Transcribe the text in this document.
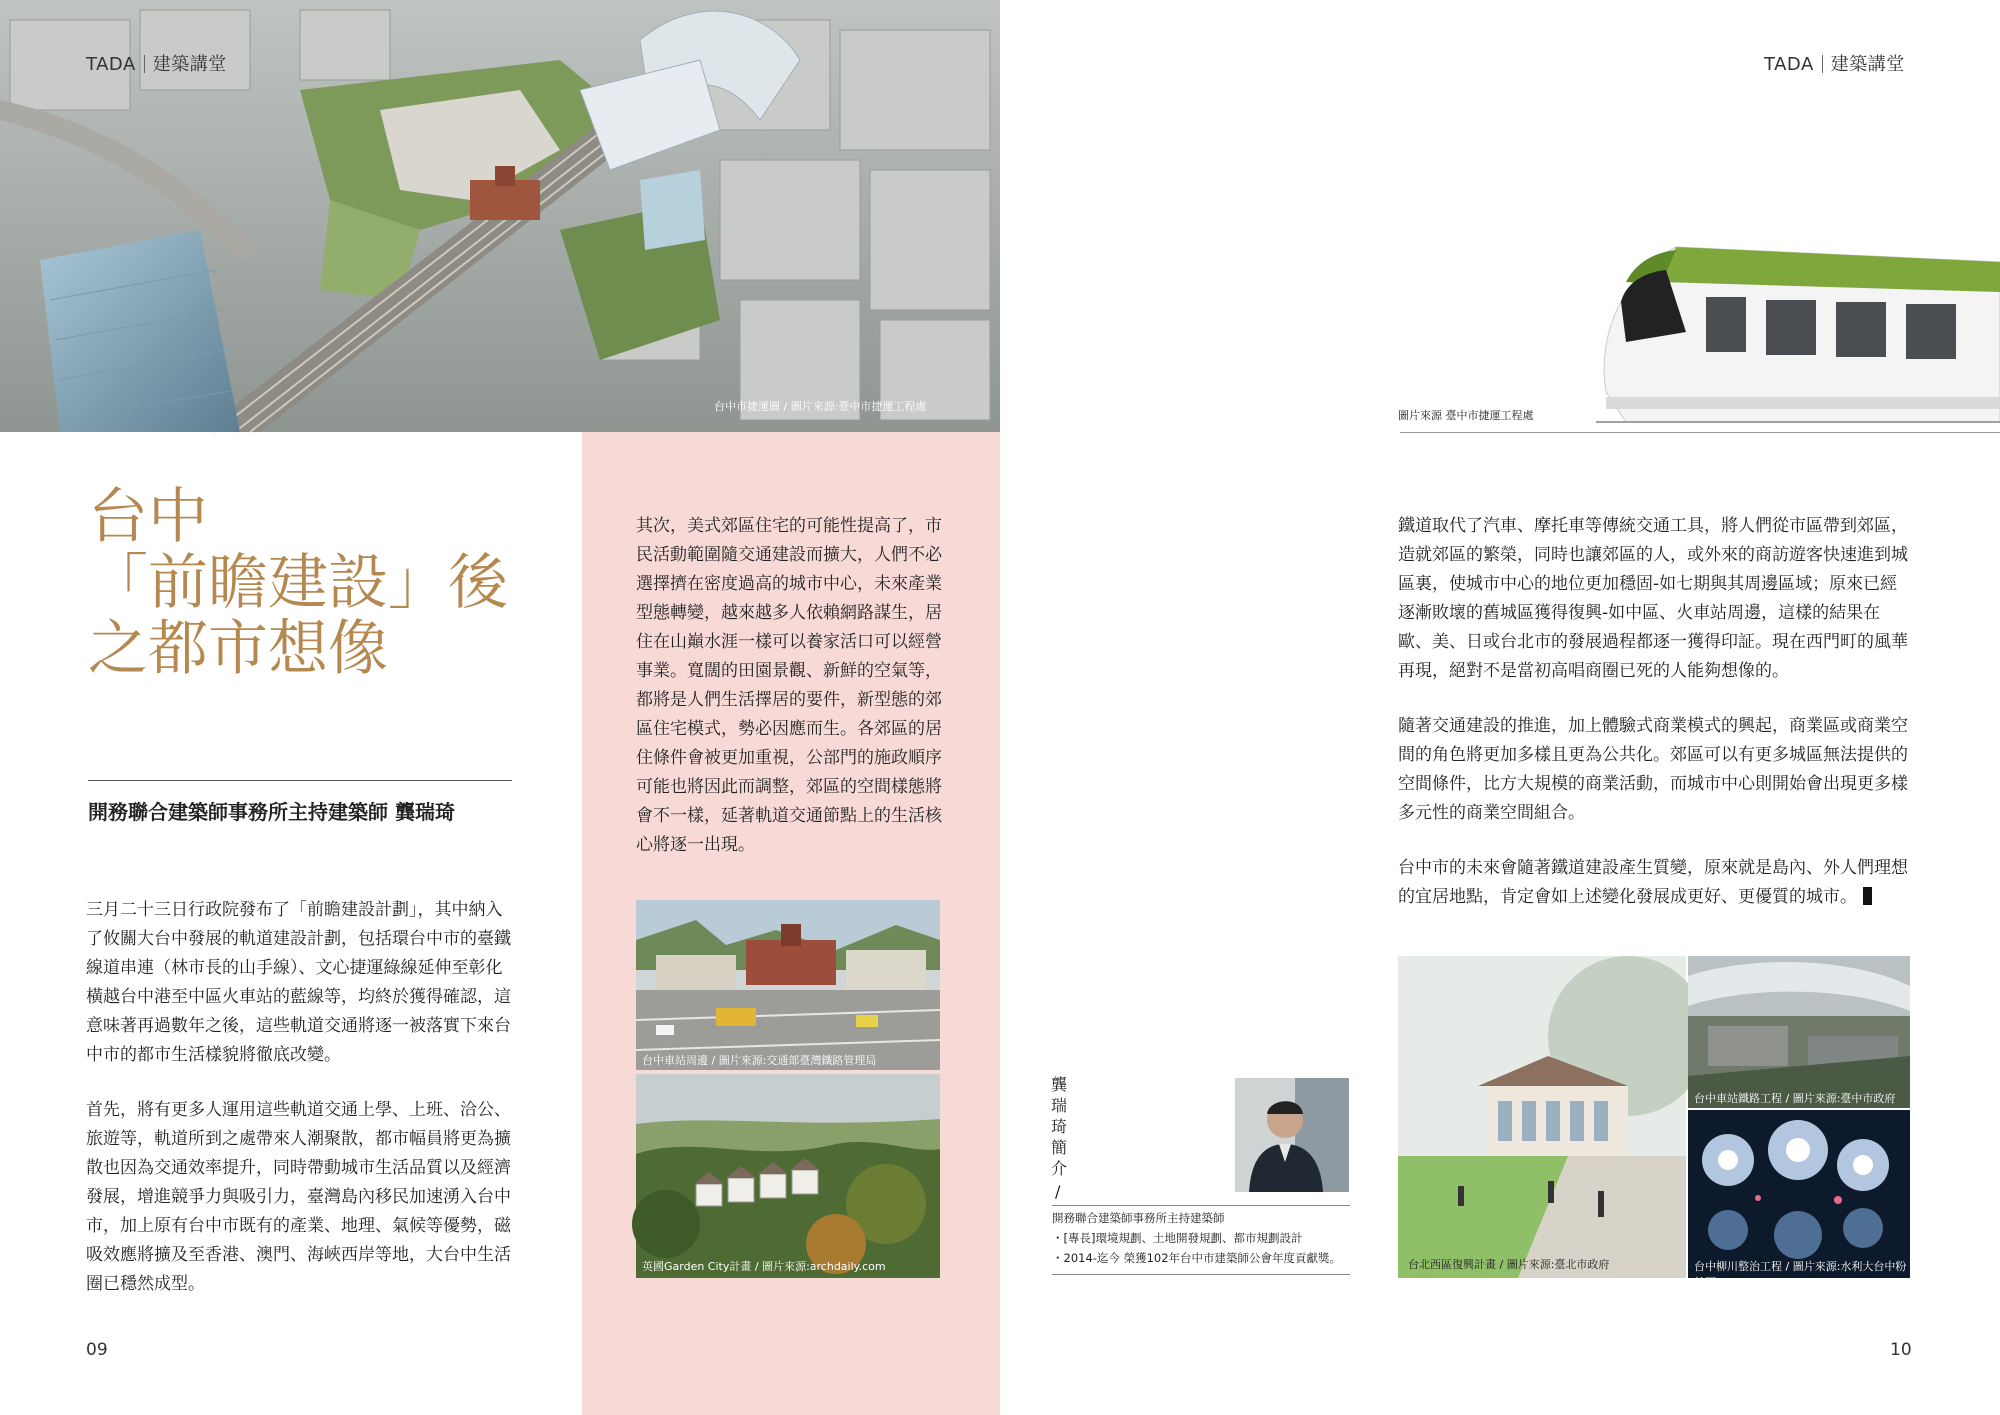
台中市捷運圖 / 圖片來源:臺中市捷運工程處
TADA 建築講堂
台中
「前瞻建設」後
之都市想像
開務聯合建築師事務所主持建築師 龔瑞琦

三月二十三日行政院發布了「前瞻建設計劃」，其中納入了攸關大台中發展的軌道建設計劃，包括環台中市的臺鐵線道串連（林市長的山手線）、文心捷運綠線延伸至彰化橫越台中港至中區火車站的藍線等，均終於獲得確認，這意味著再過數年之後，這些軌道交通將逐一被落實下來台中市的都市生活樣貌將徹底改變。

首先，將有更多人運用這些軌道交通上學、上班、洽公、旅遊等，軌道所到之處帶來人潮聚散，都市幅員將更為擴散也因為交通效率提升，同時帶動城市生活品質以及經濟發展，增進競爭力與吸引力，臺灣島內移民加速湧入台中市，加上原有台中市既有的產業、地理、氣候等優勢，磁吸效應將擴及至香港、澳門、海峽西岸等地，大台中生活圈已穩然成型。

09

其次，美式郊區住宅的可能性提高了，市民活動範圍隨交通建設而擴大，人們不必選擇擠在密度過高的城市中心，未來產業型態轉變，越來越多人依賴網路謀生，居住在山巔水涯一樣可以養家活口可以經營事業。寬闊的田園景觀、新鮮的空氣等，都將是人們生活擇居的要件，新型態的郊區住宅模式，勢必因應而生。各郊區的居住條件會被更加重視，公部門的施政順序可能也將因此而調整，郊區的空間樣態將會不一樣，延著軌道交通節點上的生活核心將逐一出現。

台中車站周邊 / 圖片來源:交通部臺灣鐵路管理局
英國Garden City計畫 / 圖片來源:archdaily.com
TADA 建築講堂
圖片來源 臺中市捷運工程處

鐵道取代了汽車、摩托車等傳統交通工具，將人們從市區帶到郊區，造就郊區的繁榮，同時也讓郊區的人，或外來的商訪遊客快速進到城區裏，使城市中心的地位更加穩固-如七期與其周邊區域；原來已經逐漸敗壞的舊城區獲得復興-如中區、火車站周邊，這樣的結果在歐、美、日或台北市的發展過程都逐一獲得印証。現在西門町的風華再現，絕對不是當初高唱商圈已死的人能夠想像的。

隨著交通建設的推進，加上體驗式商業模式的興起，商業區或商業空間的角色將更加多樣且更為公共化。郊區可以有更多城區無法提供的空間條件，比方大規模的商業活動，而城市中心則開始會出現更多樣多元性的商業空間組合。

台中市的未來會隨著鐵道建設產生質變，原來就是島內、外人們理想的宜居地點，肯定會如上述變化發展成更好、更優質的城市。

龔瑞琦簡介
/
開務聯合建築師事務所主持建築師
・[專長]環境規劃、土地開發規劃、都市規劃設計
・2014-迄今 榮獲102年台中市建築師公會年度貢獻獎。	台北西區復興計畫 / 圖片來源:臺北市政府
台中車站鐵路工程 / 圖片來源:臺中市政府
台中柳川整治工程 / 圖片來源:水利大台中粉絲團
10
